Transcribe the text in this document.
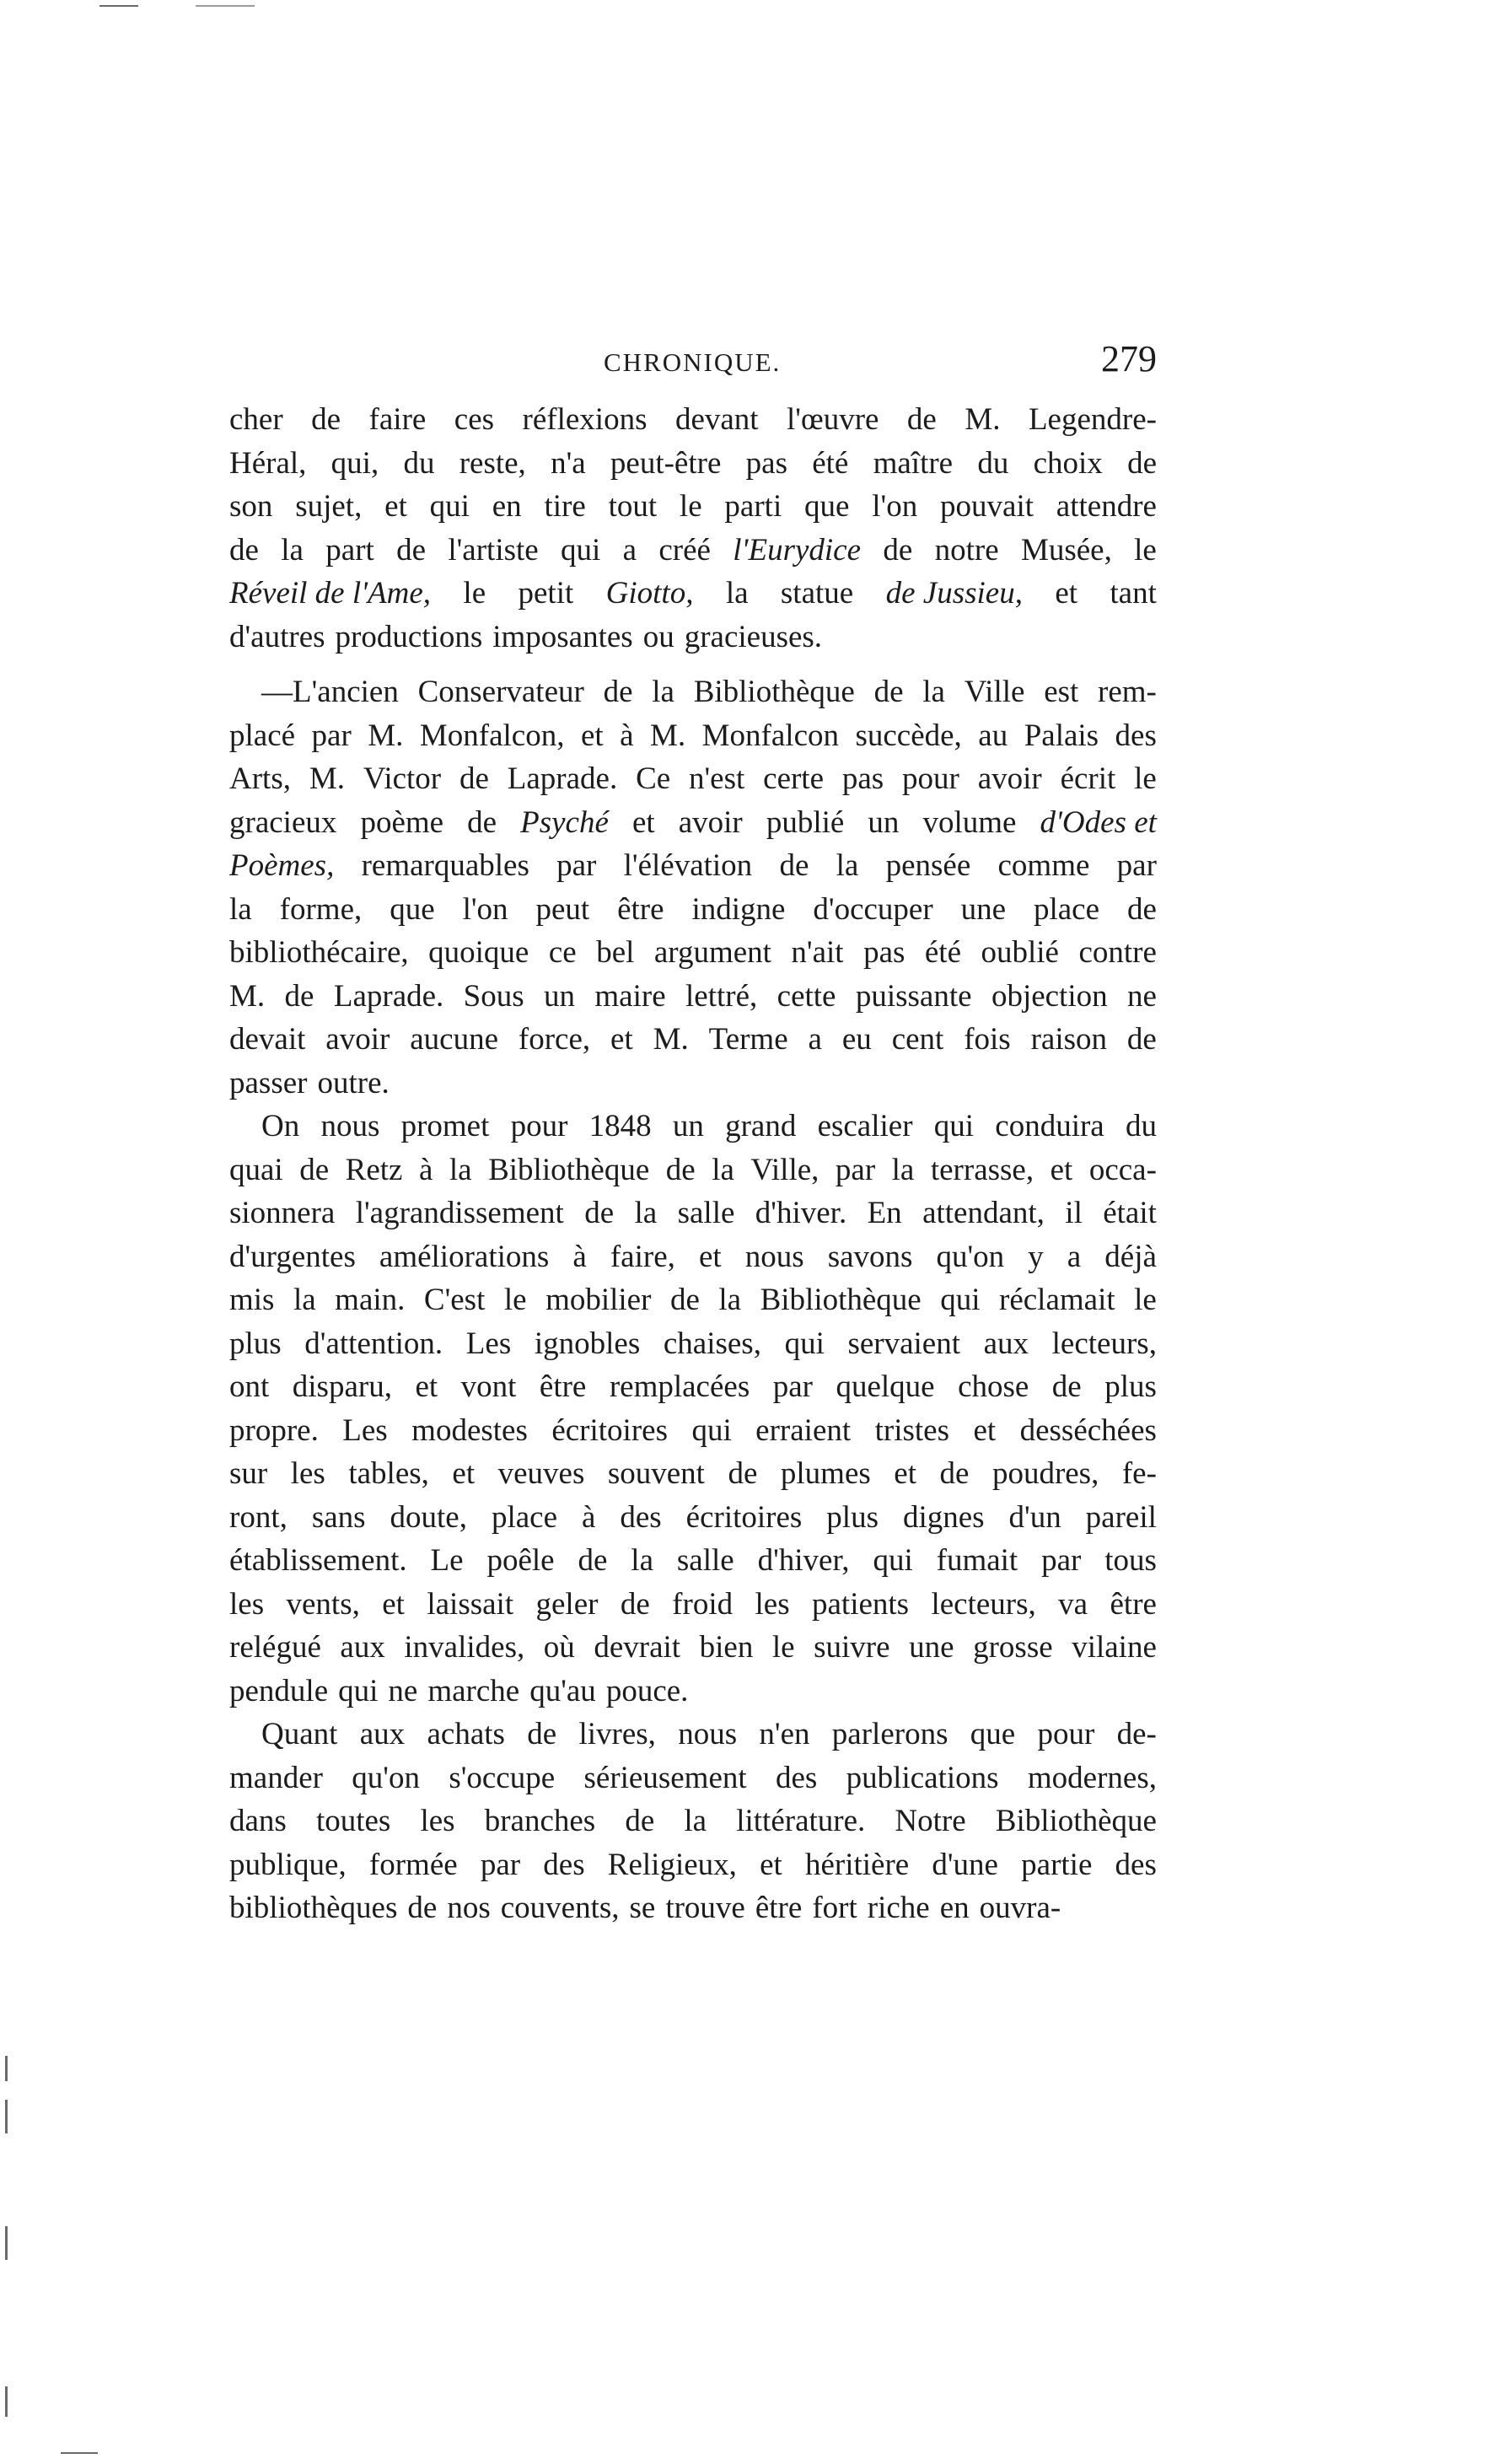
CHRONIQUE.	279
cher de faire ces réflexions devant l'œuvre de M. Legendre-
Héral, qui, du reste, n'a peut-être pas été maître du choix de
son sujet, et qui en tire tout le parti que l'on pouvait attendre
de la part de l'artiste qui a créé l'Eurydice de notre Musée, le
Réveil de l'Ame, le petit Giotto, la statue de Jussieu, et tant
d'autres productions imposantes ou gracieuses.
—L'ancien Conservateur de la Bibliothèque de la Ville est rem-
placé par M. Monfalcon, et à M. Monfalcon succède, au Palais des
Arts, M. Victor de Laprade. Ce n'est certe pas pour avoir écrit le
gracieux poème de Psyché et avoir publié un volume d'Odes et
Poèmes, remarquables par l'élévation de la pensée comme par
la forme, que l'on peut être indigne d'occuper une place de
bibliothécaire, quoique ce bel argument n'ait pas été oublié contre
M. de Laprade. Sous un maire lettré, cette puissante objection ne
devait avoir aucune force, et M. Terme a eu cent fois raison de
passer outre.
On nous promet pour 1848 un grand escalier qui conduira du
quai de Retz à la Bibliothèque de la Ville, par la terrasse, et occa-
sionnera l'agrandissement de la salle d'hiver. En attendant, il était
d'urgentes améliorations à faire, et nous savons qu'on y a déjà
mis la main. C'est le mobilier de la Bibliothèque qui réclamait le
plus d'attention. Les ignobles chaises, qui servaient aux lecteurs,
ont disparu, et vont être remplacées par quelque chose de plus
propre. Les modestes écritoires qui erraient tristes et desséchées
sur les tables, et veuves souvent de plumes et de poudres, fe-
ront, sans doute, place à des écritoires plus dignes d'un pareil
établissement. Le poêle de la salle d'hiver, qui fumait par tous
les vents, et laissait geler de froid les patients lecteurs, va être
relégué aux invalides, où devrait bien le suivre une grosse vilaine
pendule qui ne marche qu'au pouce.
Quant aux achats de livres, nous n'en parlerons que pour de-
mander qu'on s'occupe sérieusement des publications modernes,
dans toutes les branches de la littérature. Notre Bibliothèque
publique, formée par des Religieux, et héritière d'une partie des
bibliothèques de nos couvents, se trouve être fort riche en ouvra-
